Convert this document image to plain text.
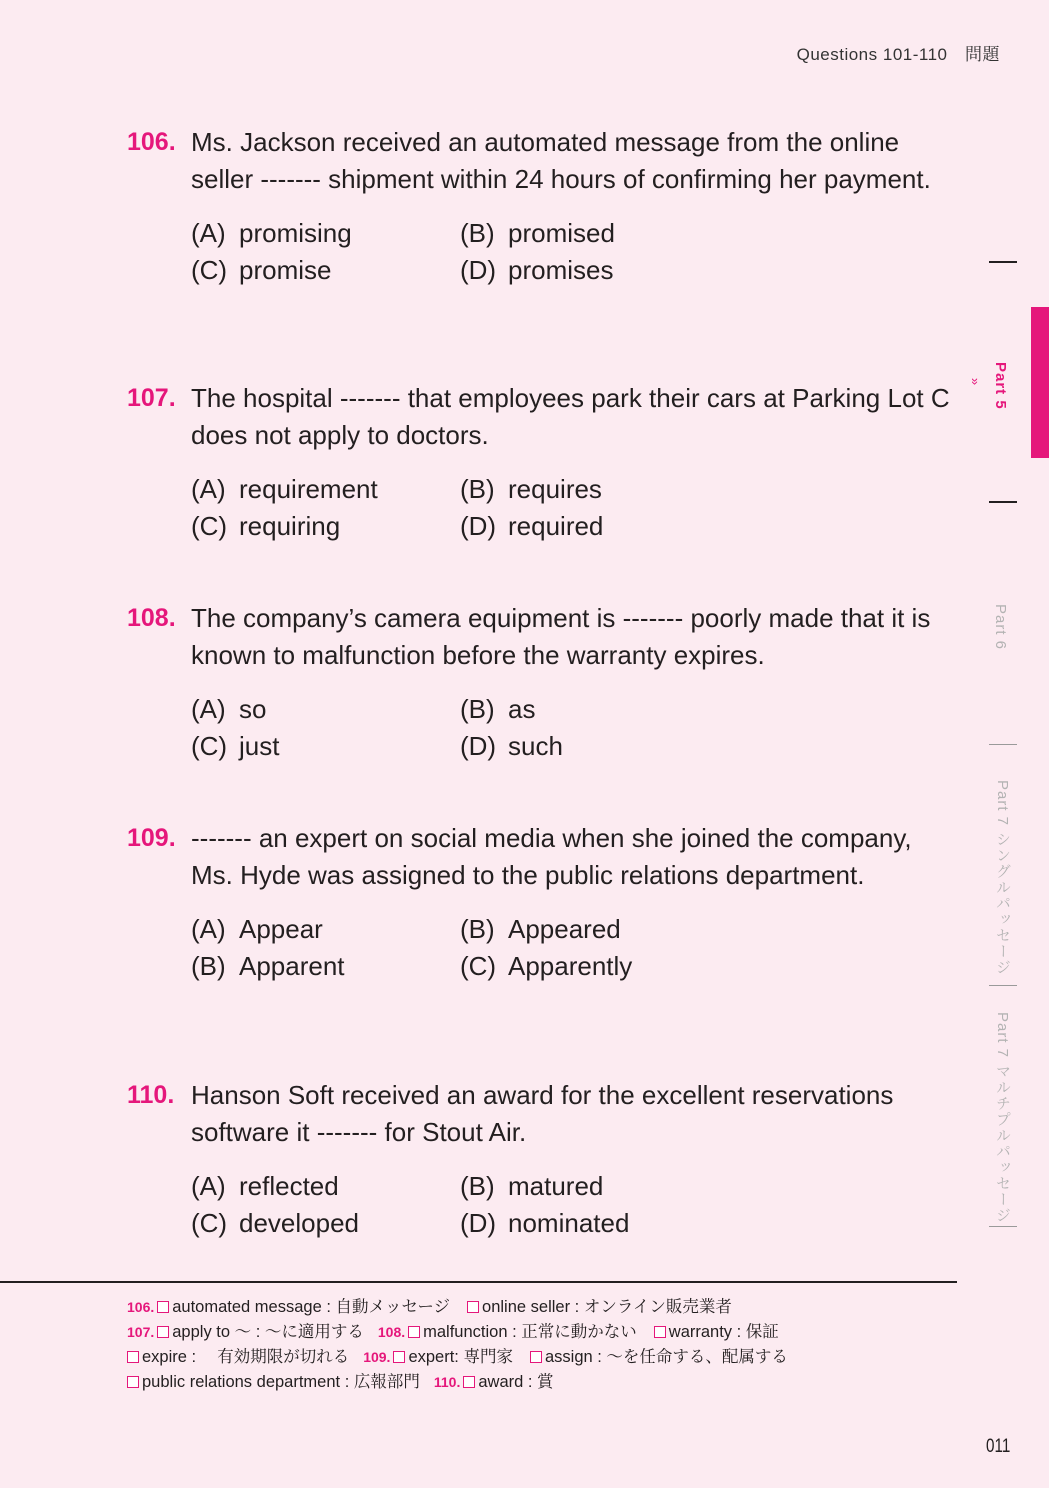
Questions 101-110　問題
106. Ms. Jackson received an automated message from the online seller ------- shipment within 24 hours of confirming her payment.
(A) promising	(B) promised
(C) promise	(D) promises
107. The hospital ------- that employees park their cars at Parking Lot C does not apply to doctors.
(A) requirement	(B) requires
(C) requiring	(D) required
108. The company’s camera equipment is ------- poorly made that it is known to malfunction before the warranty expires.
(A) so	(B) as
(C) just	(D) such
109. ------- an expert on social media when she joined the company, Ms. Hyde was assigned to the public relations department.
(A) Appear	(B) Appeared
(B) Apparent	(C) Apparently
110. Hanson Soft received an award for the excellent reservations software it ------- for Stout Air.
(A) reflected	(B) matured
(C) developed	(D) nominated
106. automated message : 自動メッセージ online seller : オンライン販売業者
107. apply to ～ : ～に適用する 108. malfunction : 正常に動かない warranty : 保証
expire :　 有効期限が切れる 109. expert: 専門家 assign : ～を任命する、配属する
public relations department : 広報部門 110. award : 賞
Part 5
»
Part 6
Part 7 シングルパッセージ
Part 7 マルチプルパッセージ
011
